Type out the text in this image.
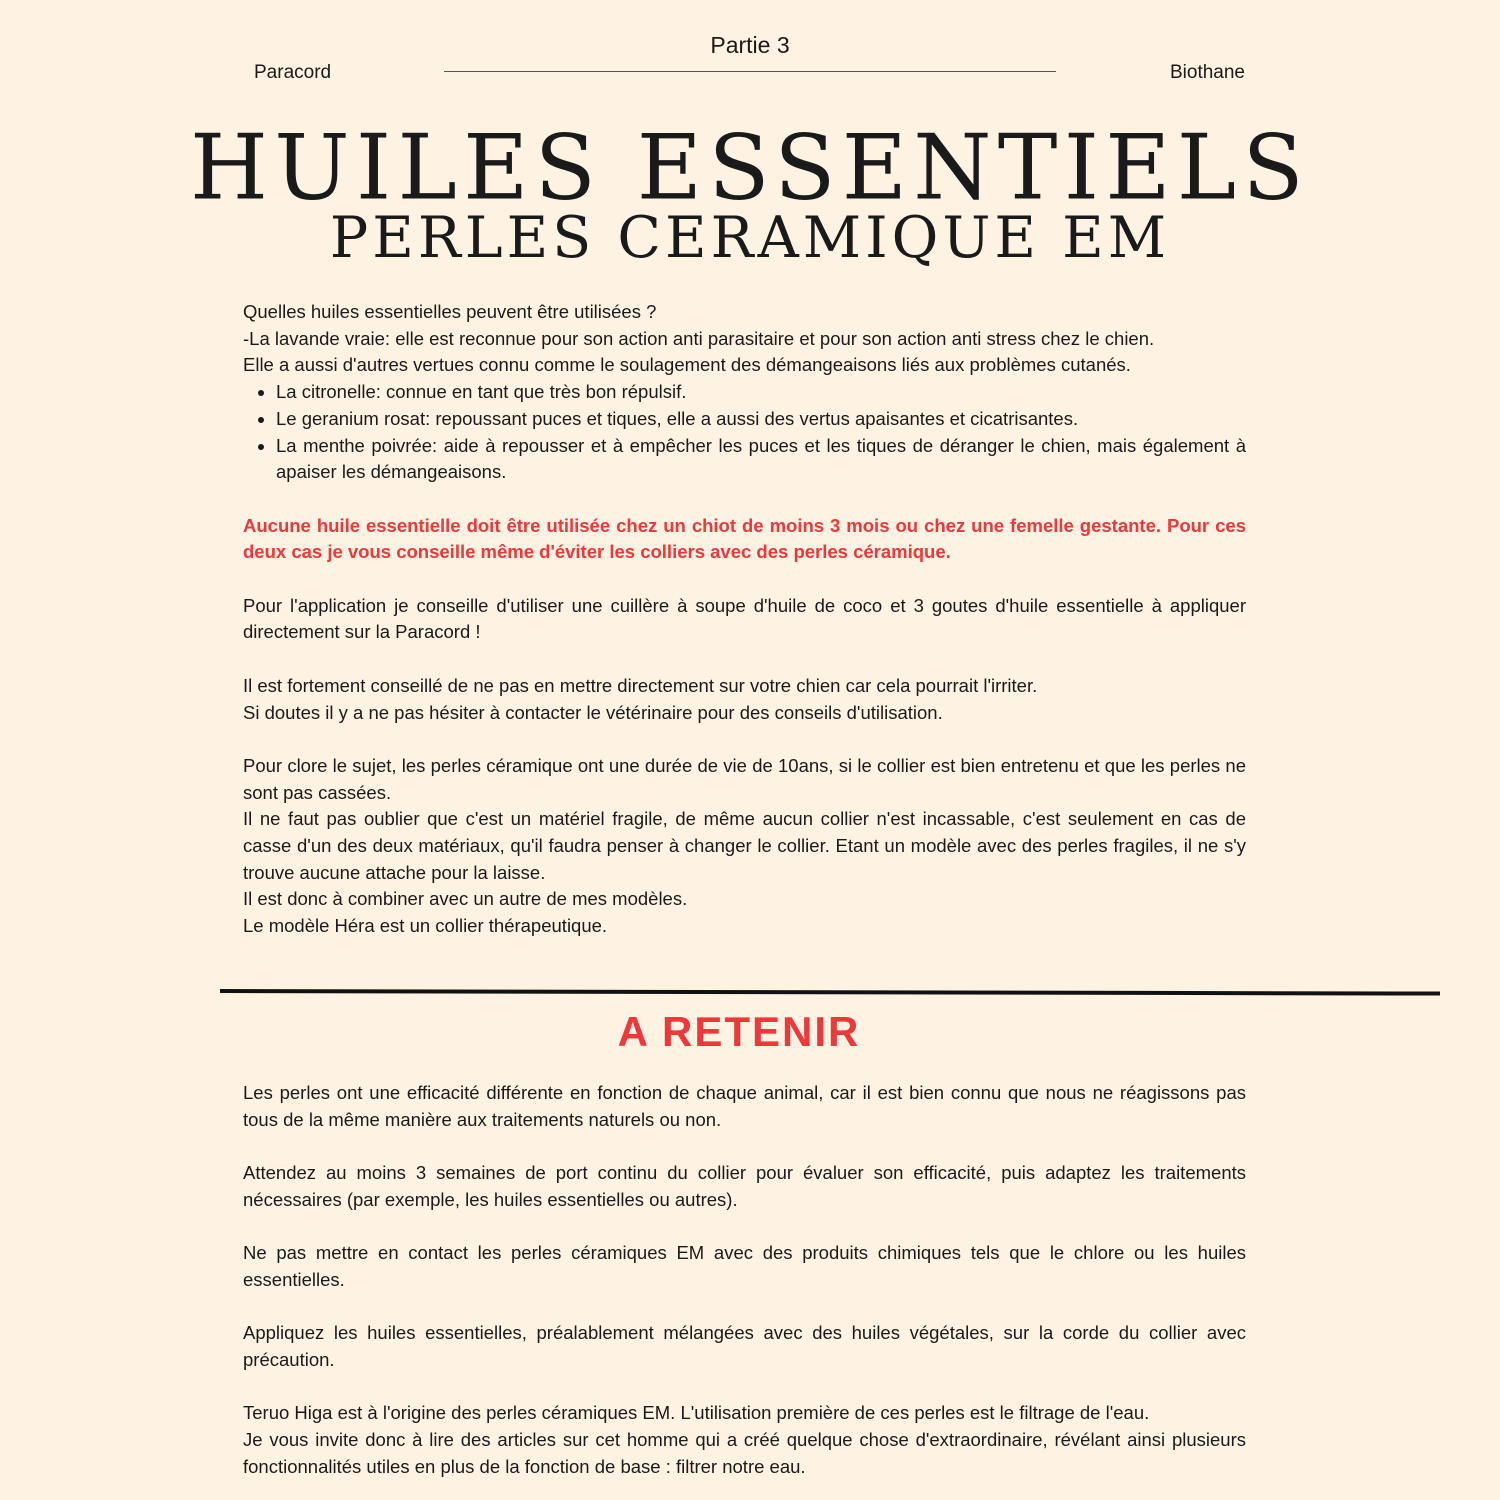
Partie 3
Paracord	Biothane
HUILES ESSENTIELS
PERLES CERAMIQUE EM

Quelles huiles essentielles peuvent être utilisées ?

-La lavande vraie: elle est reconnue pour son action anti parasitaire et pour son action anti stress chez le chien.

Elle a aussi d'autres vertues connu comme le soulagement des démangeaisons liés aux problèmes cutanés.

• La citronelle: connue en tant que très bon répulsif.
• Le geranium rosat: repoussant puces et tiques, elle a aussi des vertus apaisantes et cicatrisantes.
• La menthe poivrée: aide à repousser et à empêcher les puces et les tiques de déranger le chien, mais également à apaiser les démangeaisons.

Aucune huile essentielle doit être utilisée chez un chiot de moins 3 mois ou chez une femelle gestante. Pour ces deux cas je vous conseille même d'éviter les colliers avec des perles céramique.

Pour l'application je conseille d'utiliser une cuillère à soupe d'huile de coco et 3 goutes d'huile essentielle à appliquer directement sur la Paracord !

Il est fortement conseillé de ne pas en mettre directement sur votre chien car cela pourrait l'irriter.

Si doutes il y a ne pas hésiter à contacter le vétérinaire pour des conseils d'utilisation.

Pour clore le sujet, les perles céramique ont une durée de vie de 10ans, si le collier est bien entretenu et que les perles ne sont pas cassées.

Il ne faut pas oublier que c'est un matériel fragile, de même aucun collier n'est incassable, c'est seulement en cas de casse d'un des deux matériaux, qu'il faudra penser à changer le collier. Etant un modèle avec des perles fragiles, il ne s'y trouve aucune attache pour la laisse.

Il est donc à combiner avec un autre de mes modèles.

Le modèle Héra est un collier thérapeutique.

A RETENIR

Les perles ont une efficacité différente en fonction de chaque animal, car il est bien connu que nous ne réagissons pas tous de la même manière aux traitements naturels ou non.

Attendez au moins 3 semaines de port continu du collier pour évaluer son efficacité, puis adaptez les traitements nécessaires (par exemple, les huiles essentielles ou autres).

Ne pas mettre en contact les perles céramiques EM avec des produits chimiques tels que le chlore ou les huiles essentielles.

Appliquez les huiles essentielles, préalablement mélangées avec des huiles végétales, sur la corde du collier avec précaution.

Teruo Higa est à l'origine des perles céramiques EM. L'utilisation première de ces perles est le filtrage de l'eau.

Je vous invite donc à lire des articles sur cet homme qui a créé quelque chose d'extraordinaire, révélant ainsi plusieurs fonctionnalités utiles en plus de la fonction de base : filtrer notre eau.
